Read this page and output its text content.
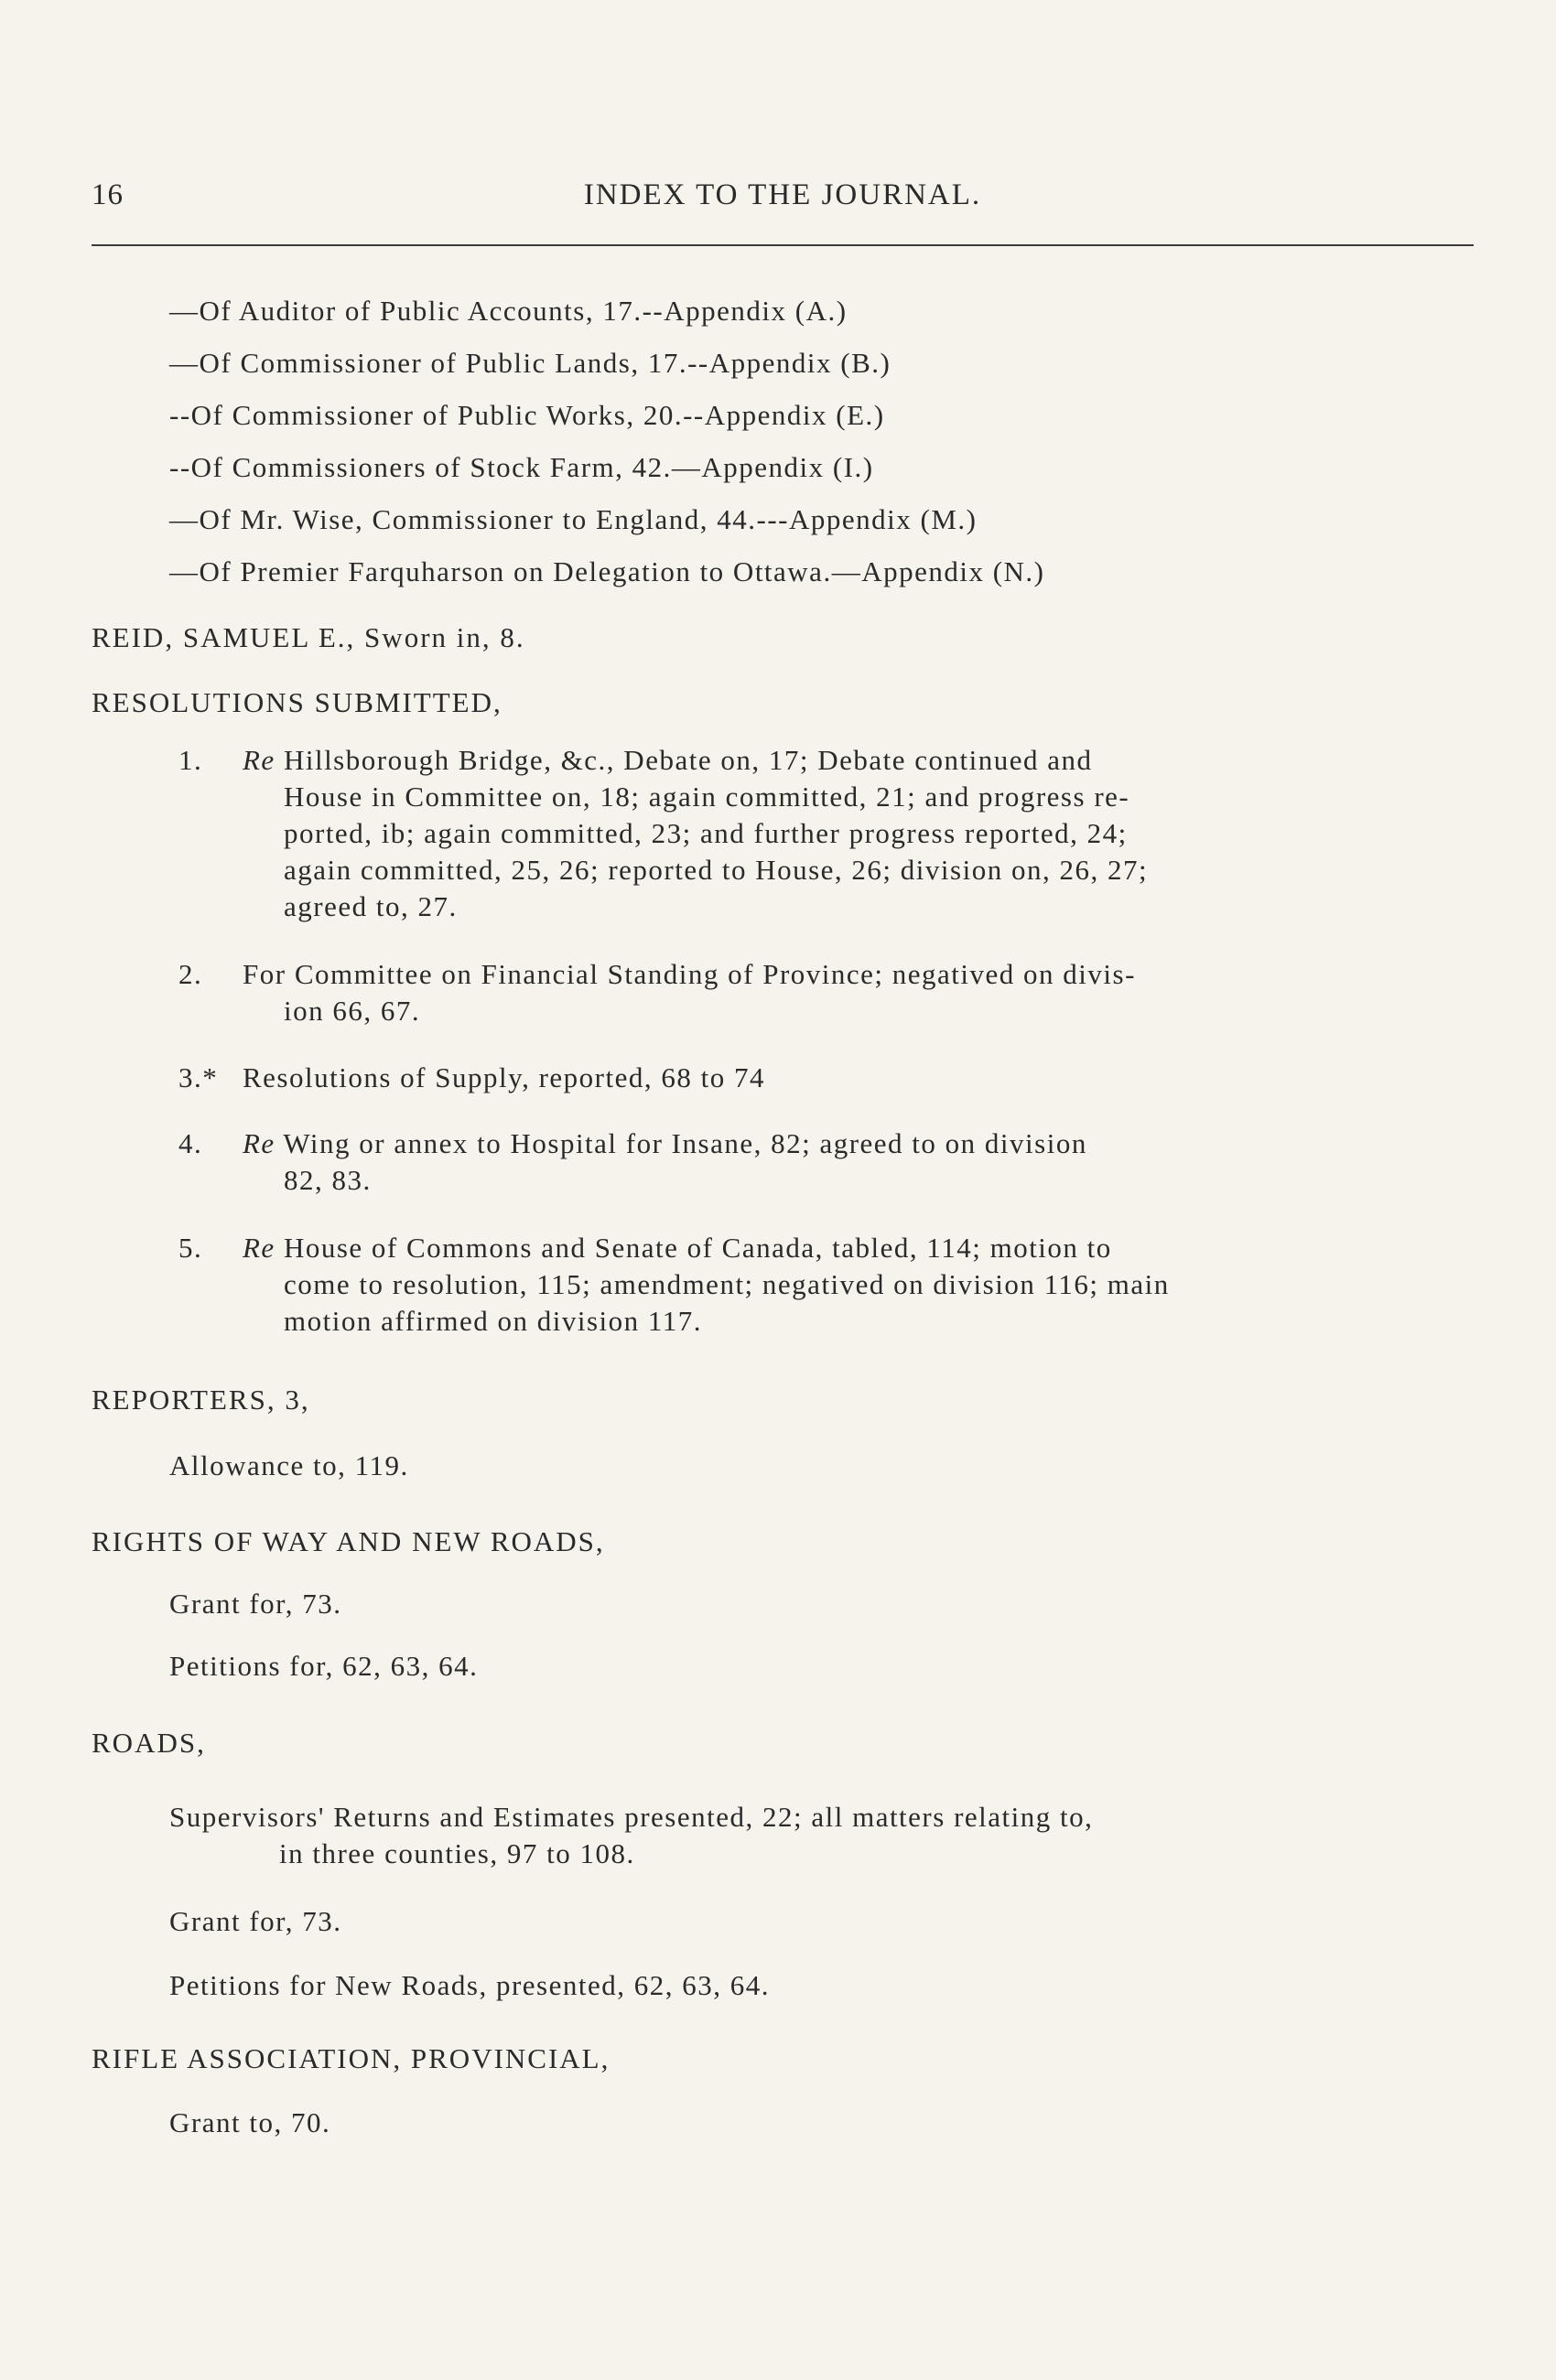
16	INDEX TO THE JOURNAL.
—Of Auditor of Public Accounts, 17.--Appendix (A.)
—Of Commissioner of Public Lands, 17.--Appendix (B.)
--Of Commissioner of Public Works, 20.--Appendix (E.)
--Of Commissioners of Stock Farm, 42.—Appendix (I.)
—Of Mr. Wise, Commissioner to England, 44.---Appendix (M.)
—Of Premier Farquharson on Delegation to Ottawa.—Appendix (N.)
REID, SAMUEL E., Sworn in, 8.
RESOLUTIONS SUBMITTED,
1. Re Hillsborough Bridge, &c., Debate on, 17; Debate continued and
House in Committee on, 18; again committed, 21; and progress re-
ported, ib; again committed, 23; and further progress reported, 24;
again committed, 25, 26; reported to House, 26; division on, 26, 27;
agreed to, 27.
2. For Committee on Financial Standing of Province; negatived on divis-
ion 66, 67.
3.* Resolutions of Supply, reported, 68 to 74
4. Re Wing or annex to Hospital for Insane, 82; agreed to on division
82, 83.
5. Re House of Commons and Senate of Canada, tabled, 114; motion to
come to resolution, 115; amendment; negatived on division 116; main
motion affirmed on division 117.
REPORTERS, 3,
Allowance to, 119.
RIGHTS OF WAY AND NEW ROADS,
Grant for, 73.
Petitions for, 62, 63, 64.
ROADS,
Supervisors' Returns and Estimates presented, 22; all matters relating to,
in three counties, 97 to 108.
Grant for, 73.
Petitions for New Roads, presented, 62, 63, 64.
RIFLE ASSOCIATION, PROVINCIAL,
Grant to, 70.
